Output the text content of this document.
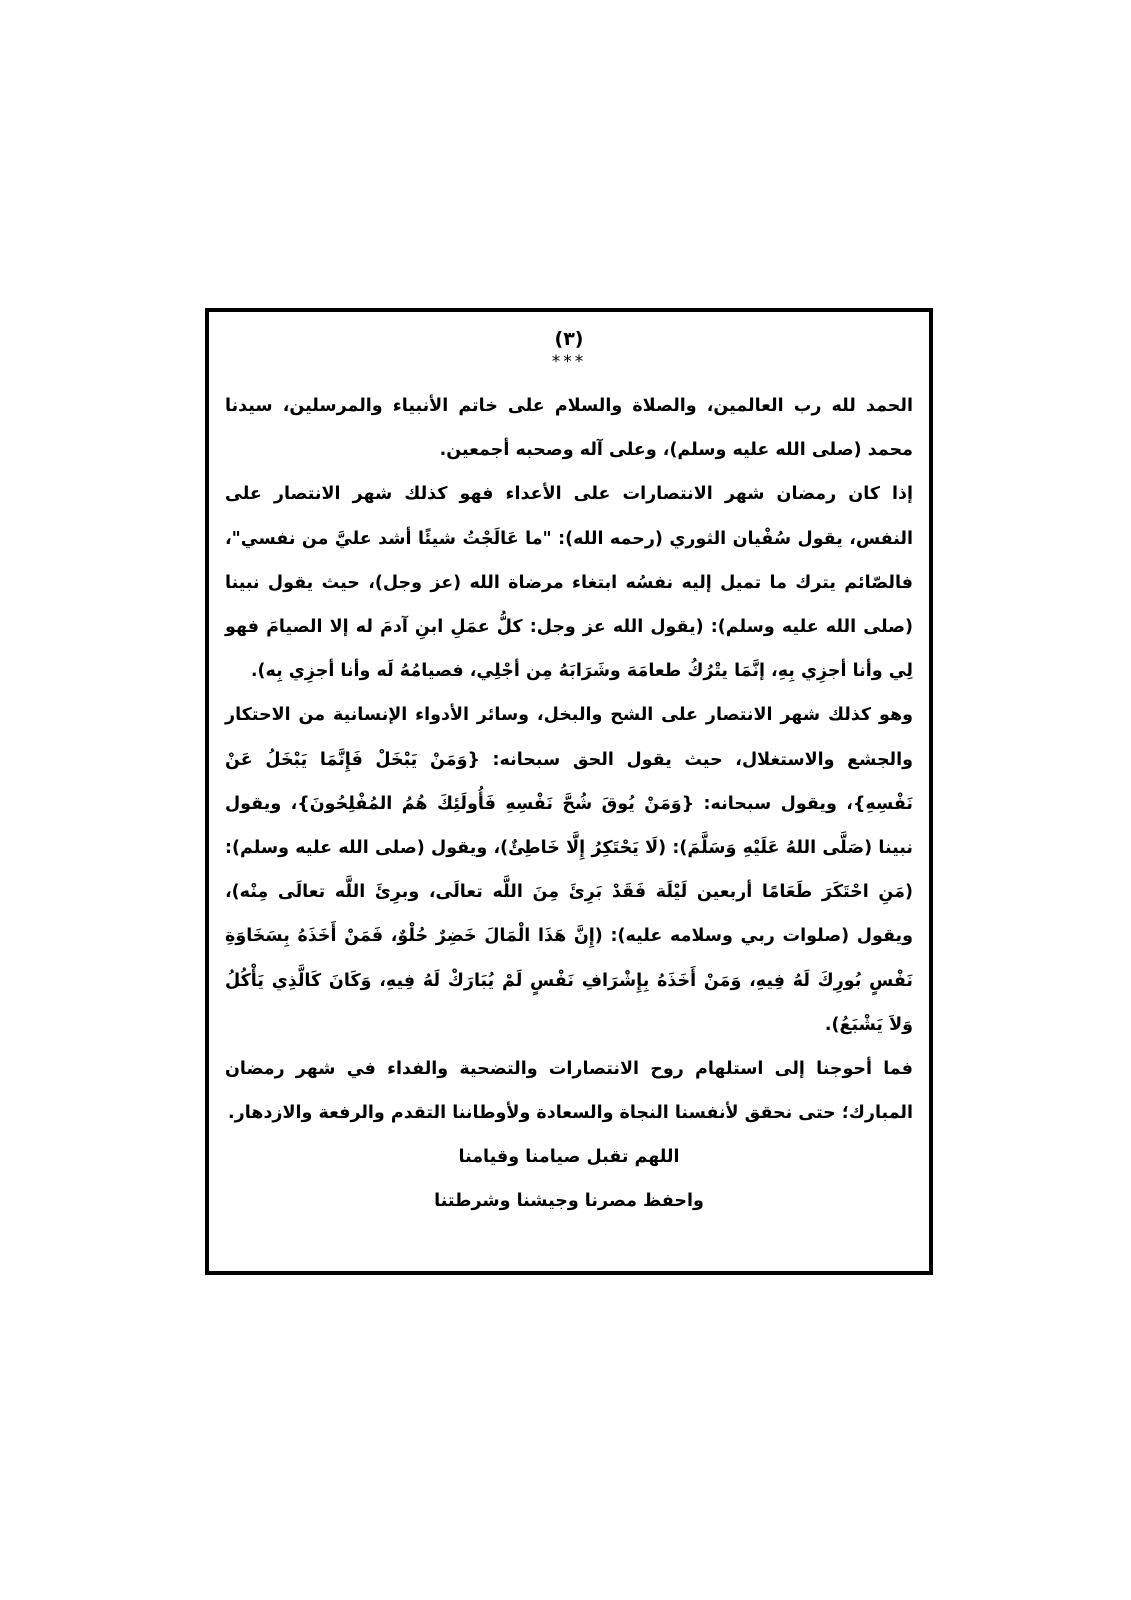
(٣)
***

الحمد لله رب العالمين، والصلاة والسلام على خاتم الأنبياء والمرسلين، سيدنا محمد (صلى الله عليه وسلم)، وعلى آله وصحبه أجمعين.

إذا كان رمضان شهر الانتصارات على الأعداء فهو كذلك شهر الانتصار على النفس، يقول سُفْيان الثوري (رحمه الله): "ما عَالَجْتُ شيئًا أشد عليَّ من نفسي"، فالصّائم يترك ما تميل إليه نفسُه ابتغاء مرضاة الله (عز وجل)، حيث يقول نبينا (صلى الله عليه وسلم): (يقول الله عز وجل: كلُّ عمَلِ ابنِ آدمَ له إلا الصيامَ فهو لِي وأنا أجزِي بِهِ، إنَّمَا يتْرُكُ طعامَهَ وشَرَابَهُ مِن أجْلِي، فصيامُهُ لَه وأنا أجزِي بِه).

وهو كذلك شهر الانتصار على الشح والبخل، وسائر الأدواء الإنسانية من الاحتكار والجشع والاستغلال، حيث يقول الحق سبحانه: {وَمَنْ يَبْخَلْ فَإِنَّمَا يَبْخَلُ عَنْ نَفْسِهِ}، ويقول سبحانه: {وَمَنْ يُوقَ شُحَّ نَفْسِهِ فَأُولَئِكَ هُمُ المُفْلِحُونَ}، ويقول نبينا (صَلَّى اللهُ عَلَيْهِ وَسَلَّمَ): (لَا يَحْتَكِرُ إِلَّا خَاطِئٌ)، ويقول (صلى الله عليه وسلم): (مَنِ احْتَكَرَ طَعَامًا أربعين لَيْلَة فَقَدْ بَرِئَ مِنَ اللَّه تعالَى، وبرِئَ اللَّه تعالَى مِنْه)، ويقول (صلوات ربي وسلامه عليه): (إِنَّ هَذَا الْمَالَ خَضِرٌ حُلْوٌ، فَمَنْ أَخَذَهُ بِسَخَاوَةِ نَفْسٍ بُورِكَ لَهُ فِيهِ، وَمَنْ أَخَذَهُ بِإِشْرَافِ نَفْسٍ لَمْ يُبَارَكْ لَهُ فِيهِ، وَكَانَ كَالَّذِي يَأْكُلُ وَلاَ يَشْبَعُ).

فما أحوجنا إلى استلهام روح الانتصارات والتضحية والفداء في شهر رمضان المبارك؛ حتى نحقق لأنفسنا النجاة والسعادة ولأوطاننا التقدم والرفعة والازدهار.

اللهم تقبل صيامنا وقيامنا

واحفظ مصرنا وجيشنا وشرطتنا
